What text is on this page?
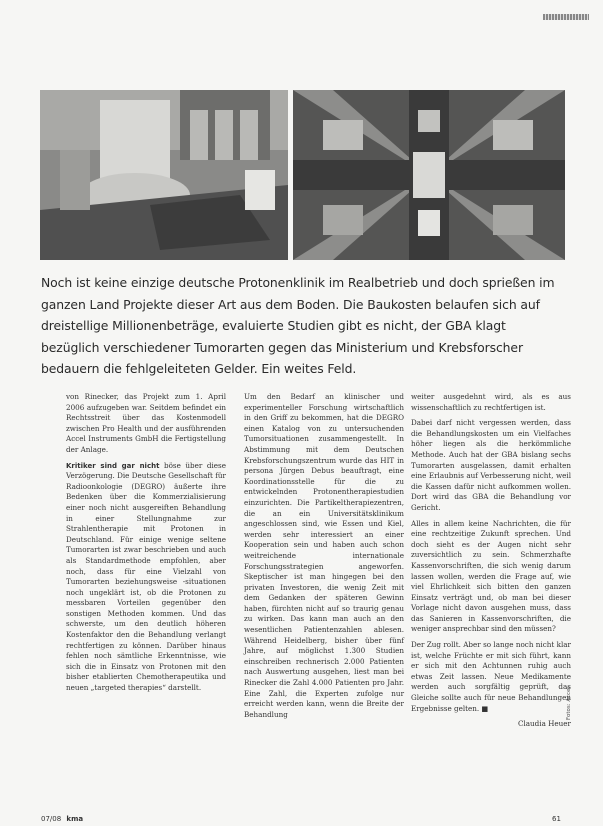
Noch ist keine einzige deutsche Protonenklinik im Realbetrieb und doch sprießen im ganzen Land Projekte dieser Art aus dem Boden. Die Baukosten belaufen sich auf dreistellige Millionenbeträge, evaluierte Studien gibt es nicht, der GBA klagt bezüglich verschiedener Tumorarten gegen das Ministerium und Krebsforscher bedauern die fehlgeleiteten Gelder. Ein weites Feld.

von Rinecker, das Projekt zum 1. April 2006 aufzugeben war. Seitdem befindet ein Rechtsstreit über das Kostenmodell zwischen Pro Health und der ausführenden Accel Instruments GmbH die Fertigstellung der Anlage.

Kritiker sind gar nicht böse über diese Verzögerung. Die Deutsche Gesellschaft für Radioonkologie (DEGRO) äußerte ihre Bedenken über die Kommerzialisierung einer noch nicht ausgereiften Behandlung in einer Stellungnahme zur Strahlentherapie mit Protonen in Deutschland. Für einige wenige seltene Tumorarten ist zwar beschrieben und auch als Standardmethode empfohlen, aber noch, dass für eine Vielzahl von Tumorarten beziehungsweise -situationen noch ungeklärt ist, ob die Protonen zu messbaren Vorteilen gegenüber den sonstigen Methoden kommen. Und das schwerste, um den deutlich höheren Kostenfaktor den die Behandlung verlangt rechtfertigen zu können. Darüber hinaus fehlen noch sämtliche Erkenntnisse, wie sich die in Einsatz von Protonen mit den bisher etablierten Chemotherapeutika und neuen „targeted therapies“ darstellt.

Um den Bedarf an klinischer und experimenteller Forschung wirtschaftlich in den Griff zu bekommen, hat die DEGRO einen Katalog von zu untersuchenden Tumorsituationen zusammengestellt. In Abstimmung mit dem Deutschen Krebsforschungszentrum wurde das HIT in persona Jürgen Debus beauftragt, eine Koordinationsstelle für die zu entwickelnden Protonentherapiestudien einzurichten. Die Partikeltherapiezentren, die an ein Universitätsklinikum angeschlossen sind, wie Essen und Kiel, werden sehr interessiert an einer Kooperation sein und haben auch schon weitreichende internationale Forschungsstrategien angeworfen. Skeptischer ist man hingegen bei den privaten Investoren, die wenig Zeit mit dem Gedanken der späteren Gewinn haben, fürchten nicht auf so traurig genau zu wirken. Das kann man auch an den wesentlichen Patientenzahlen ablesen. Während Heidelberg, bisher über fünf Jahre, auf möglichst 1.300 Studien einschreiben rechnerisch 2.000 Patienten nach Auswertung ausgehen, liest man bei Rinecker die Zahl 4.000 Patienten pro Jahr. Eine Zahl, die Experten zufolge nur erreicht werden kann, wenn die Breite der Behandlung

weiter ausgedehnt wird, als es aus wissenschaftlich zu rechtfertigen ist.

Dabei darf nicht vergessen werden, dass die Behandlungskosten um ein Vielfaches höher liegen als die herkömmliche Methode. Auch hat der GBA bislang sechs Tumorarten ausgelassen, damit erhalten eine Erlaubnis auf Verbesserung nicht, weil die Kassen dafür nicht aufkommen wollen. Dort wird das GBA die Behandlung vor Gericht.

Alles in allem keine Nachrichten, die für eine rechtzeitige Zukunft sprechen. Und doch sieht es der Augen nicht sehr zuversichtlich zu sein. Schmerzhafte Kassenvorschriften, die sich wenig darum lassen wollen, werden die Frage auf, wie viel Ehrlichkeit sich bitten den ganzen Einsatz verträgt und, ob man bei dieser Vorlage nicht davon ausgehen muss, dass das Sanieren in Kassenvorschriften, die weniger ansprechbar sind den müssen?

Der Zug rollt. Aber so lange noch nicht klar ist, welche Früchte er mit sich führt, kann er sich mit den Achtunnen ruhig auch etwas Zeit lassen. Neue Medikamente werden auch sorgfältig geprüft, das Gleiche sollte auch für neue Behandlungen Ergebnisse gelten. ■

Claudia Heuer

Fotos: Accel
07/08 kma	61
